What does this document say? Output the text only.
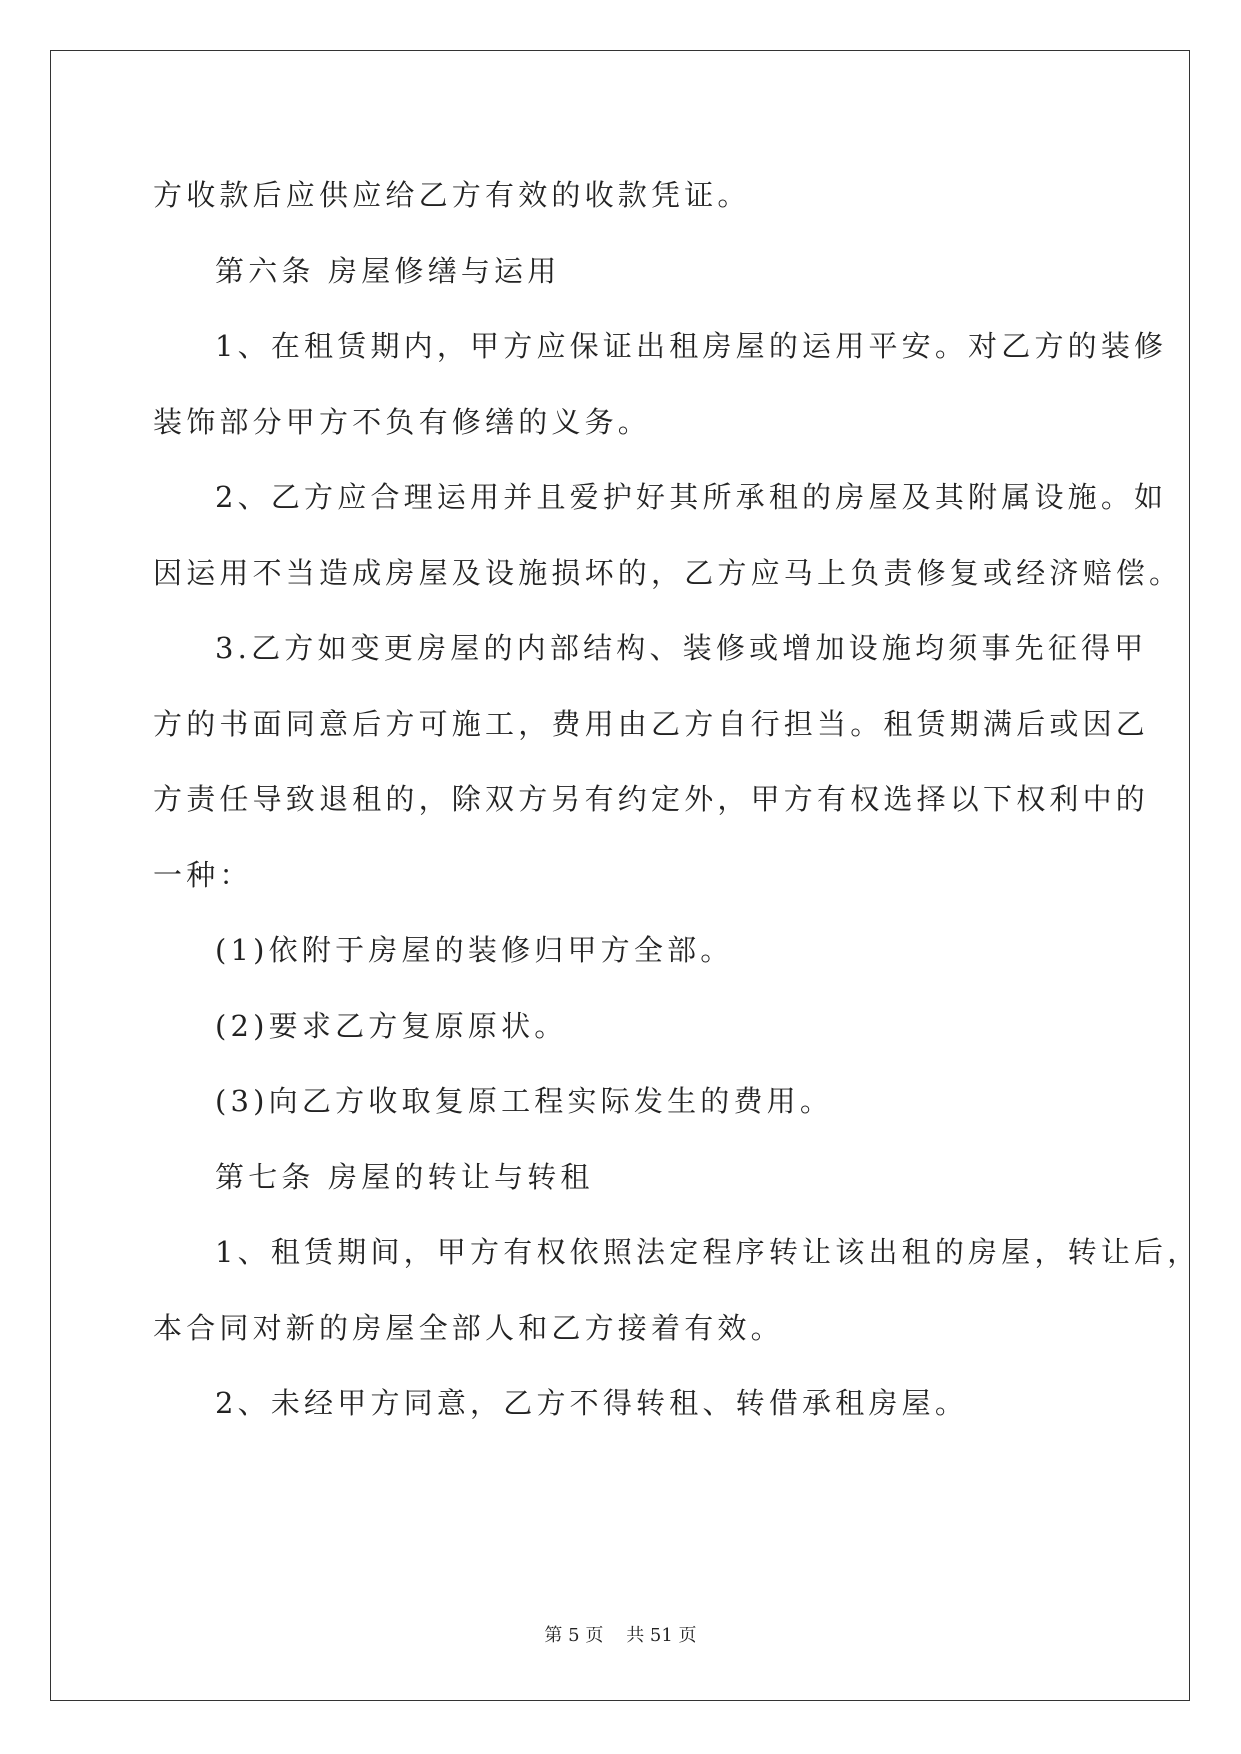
方收款后应供应给乙方有效的收款凭证。

第六条 房屋修缮与运用

1、在租赁期内，甲方应保证出租房屋的运用平安。对乙方的装修

装饰部分甲方不负有修缮的义务。

2、乙方应合理运用并且爱护好其所承租的房屋及其附属设施。如

因运用不当造成房屋及设施损坏的，乙方应马上负责修复或经济赔偿。

3.乙方如变更房屋的内部结构、装修或增加设施均须事先征得甲

方的书面同意后方可施工，费用由乙方自行担当。租赁期满后或因乙

方责任导致退租的，除双方另有约定外，甲方有权选择以下权利中的

一种：

(1)依附于房屋的装修归甲方全部。

(2)要求乙方复原原状。

(3)向乙方收取复原工程实际发生的费用。

第七条 房屋的转让与转租

1、租赁期间，甲方有权依照法定程序转让该出租的房屋，转让后，

本合同对新的房屋全部人和乙方接着有效。

2、未经甲方同意，乙方不得转租、转借承租房屋。

第 5 页    共 51 页
